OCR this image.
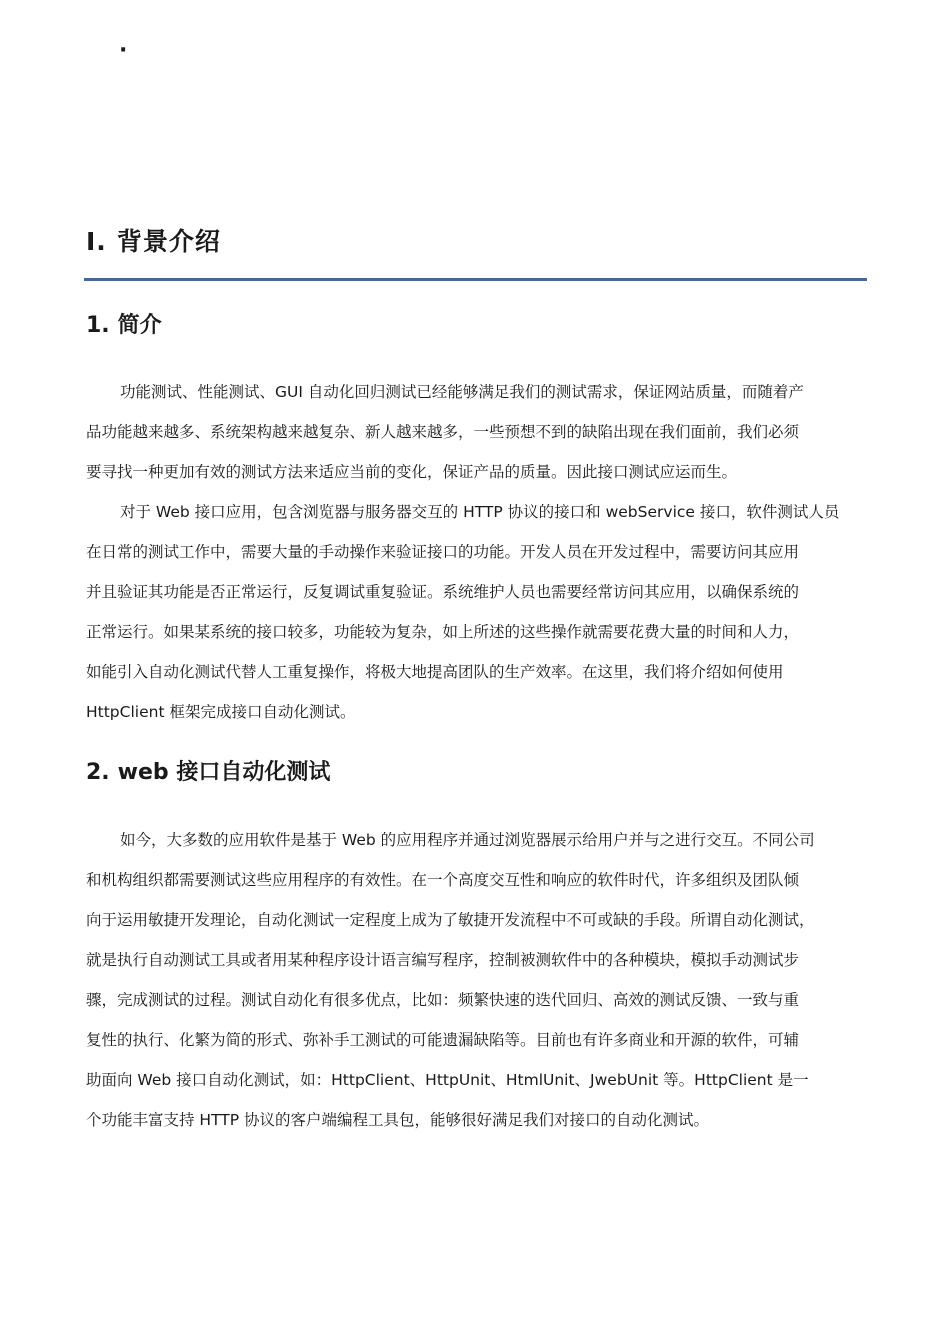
·
I. 背景介绍
1. 简介
功能测试、性能测试、GUI 自动化回归测试已经能够满足我们的测试需求，保证网站质量，而随着产
品功能越来越多、系统架构越来越复杂、新人越来越多，一些预想不到的缺陷出现在我们面前，我们必须
要寻找一种更加有效的测试方法来适应当前的变化，保证产品的质量。因此接口测试应运而生。
对于 Web 接口应用，包含浏览器与服务器交互的 HTTP 协议的接口和 webService 接口，软件测试人员
在日常的测试工作中，需要大量的手动操作来验证接口的功能。开发人员在开发过程中，需要访问其应用
并且验证其功能是否正常运行，反复调试重复验证。系统维护人员也需要经常访问其应用，以确保系统的
正常运行。如果某系统的接口较多，功能较为复杂，如上所述的这些操作就需要花费大量的时间和人力，
如能引入自动化测试代替人工重复操作，将极大地提高团队的生产效率。在这里，我们将介绍如何使用
HttpClient 框架完成接口自动化测试。
2. web 接口自动化测试
如今，大多数的应用软件是基于 Web 的应用程序并通过浏览器展示给用户并与之进行交互。不同公司
和机构组织都需要测试这些应用程序的有效性。在一个高度交互性和响应的软件时代，许多组织及团队倾
向于运用敏捷开发理论，自动化测试一定程度上成为了敏捷开发流程中不可或缺的手段。所谓自动化测试，
就是执行自动测试工具或者用某种程序设计语言编写程序，控制被测软件中的各种模块，模拟手动测试步
骤，完成测试的过程。测试自动化有很多优点，比如：频繁快速的迭代回归、高效的测试反馈、一致与重
复性的执行、化繁为简的形式、弥补手工测试的可能遗漏缺陷等。目前也有许多商业和开源的软件，可辅
助面向 Web 接口自动化测试，如：HttpClient、HttpUnit、HtmlUnit、JwebUnit 等。HttpClient 是一
个功能丰富支持 HTTP 协议的客户端编程工具包，能够很好满足我们对接口的自动化测试。
